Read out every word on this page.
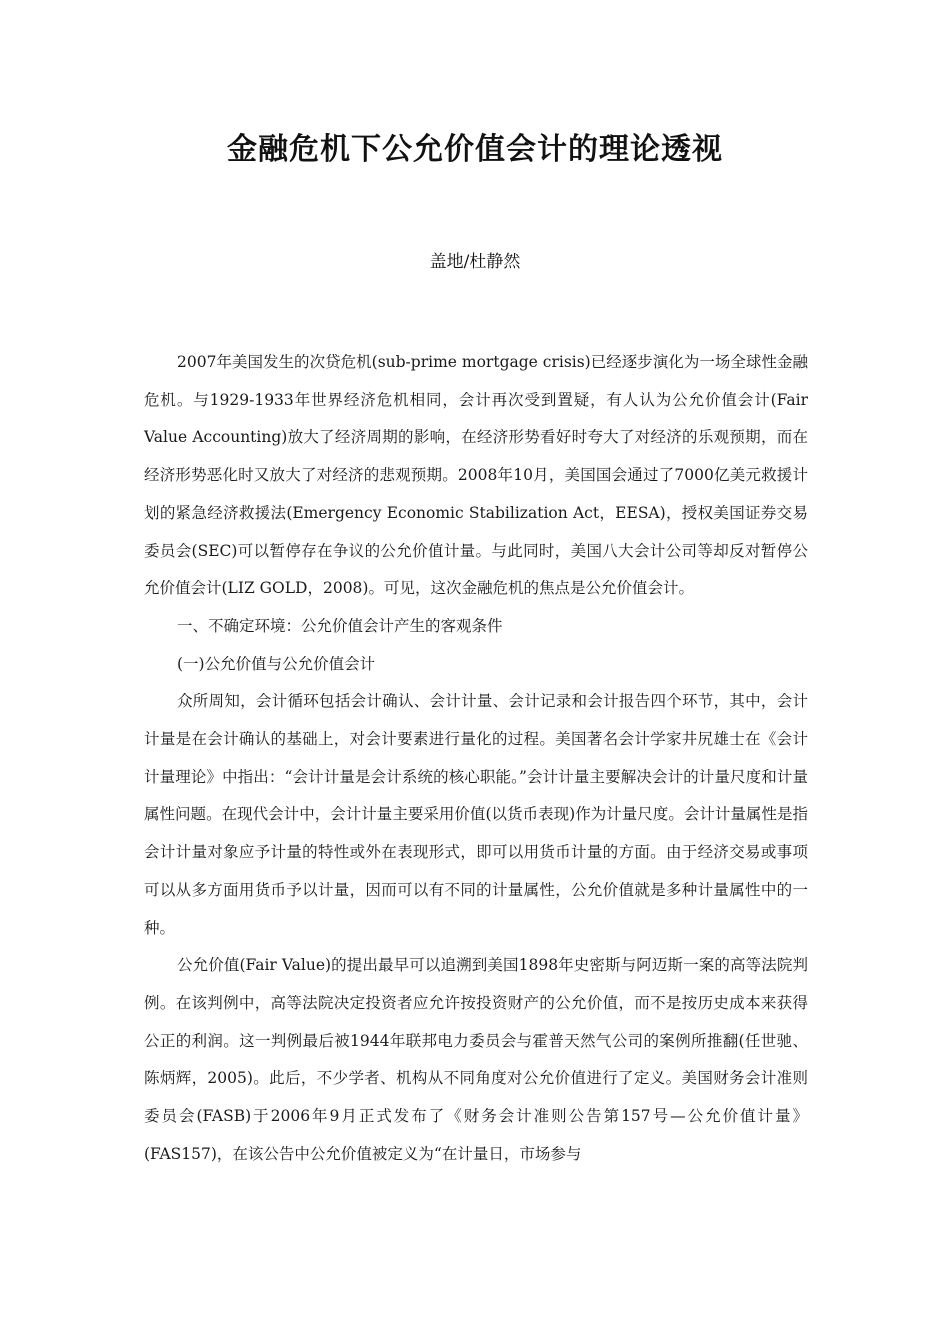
金融危机下公允价值会计的理论透视
盖地/杜静然

2007年美国发生的次贷危机(sub-prime mortgage crisis)已经逐步演化为一场全球性金融危机。与1929-1933年世界经济危机相同，会计再次受到置疑，有人认为公允价值会计(Fair Value Accounting)放大了经济周期的影响，在经济形势看好时夸大了对经济的乐观预期，而在经济形势恶化时又放大了对经济的悲观预期。2008年10月，美国国会通过了7000亿美元救援计划的紧急经济救援法(Emergency Economic Stabilization Act，EESA)，授权美国证券交易委员会(SEC)可以暂停存在争议的公允价值计量。与此同时，美国八大会计公司等却反对暂停公允价值会计(LIZ GOLD，2008)。可见，这次金融危机的焦点是公允价值会计。

一、不确定环境：公允价值会计产生的客观条件

(一)公允价值与公允价值会计

众所周知，会计循环包括会计确认、会计计量、会计记录和会计报告四个环节，其中，会计计量是在会计确认的基础上，对会计要素进行量化的过程。美国著名会计学家井尻雄士在《会计计量理论》中指出：“会计计量是会计系统的核心职能。”会计计量主要解决会计的计量尺度和计量属性问题。在现代会计中，会计计量主要采用价值(以货币表现)作为计量尺度。会计计量属性是指会计计量对象应予计量的特性或外在表现形式，即可以用货币计量的方面。由于经济交易或事项可以从多方面用货币予以计量，因而可以有不同的计量属性，公允价值就是多种计量属性中的一种。

公允价值(Fair Value)的提出最早可以追溯到美国1898年史密斯与阿迈斯一案的高等法院判例。在该判例中，高等法院决定投资者应允许按投资财产的公允价值，而不是按历史成本来获得公正的利润。这一判例最后被1944年联邦电力委员会与霍普天然气公司的案例所推翻(任世驰、陈炳辉，2005)。此后，不少学者、机构从不同角度对公允价值进行了定义。美国财务会计准则委员会(FASB)于2006年9月正式发布了《财务会计准则公告第157号—公允价值计量》(FAS157)，在该公告中公允价值被定义为“在计量日，市场参与
